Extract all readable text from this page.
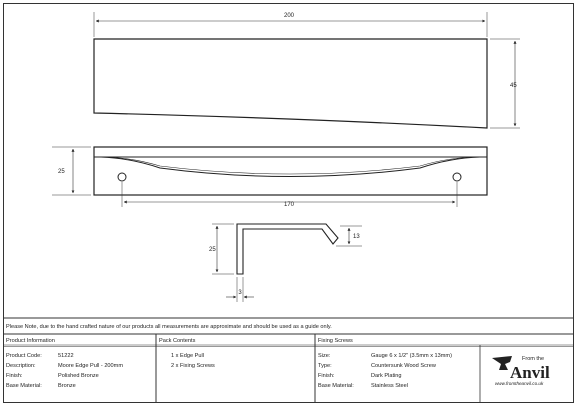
200
45
25
170
25
13
3
Please Note, due to the hand crafted nature of our products all measurements are approximate and should be used as a guide only.
Product Information	Pack Contents	Fixing Screws
Product Code:	51222
Description:	Moore Edge Pull - 200mm
Finish:	Polished Bronze
Base Material:	Bronze
1 x Edge Pull
2 x Fixing Screws
Size:	Gauge 6 x 1/2" (3.5mm x 13mm)
Type:	Countersunk Wood Screw
Finish:	Dark Plating
Base Material:	Stainless Steel
From the
Anvil
www.fromtheanvil.co.uk
